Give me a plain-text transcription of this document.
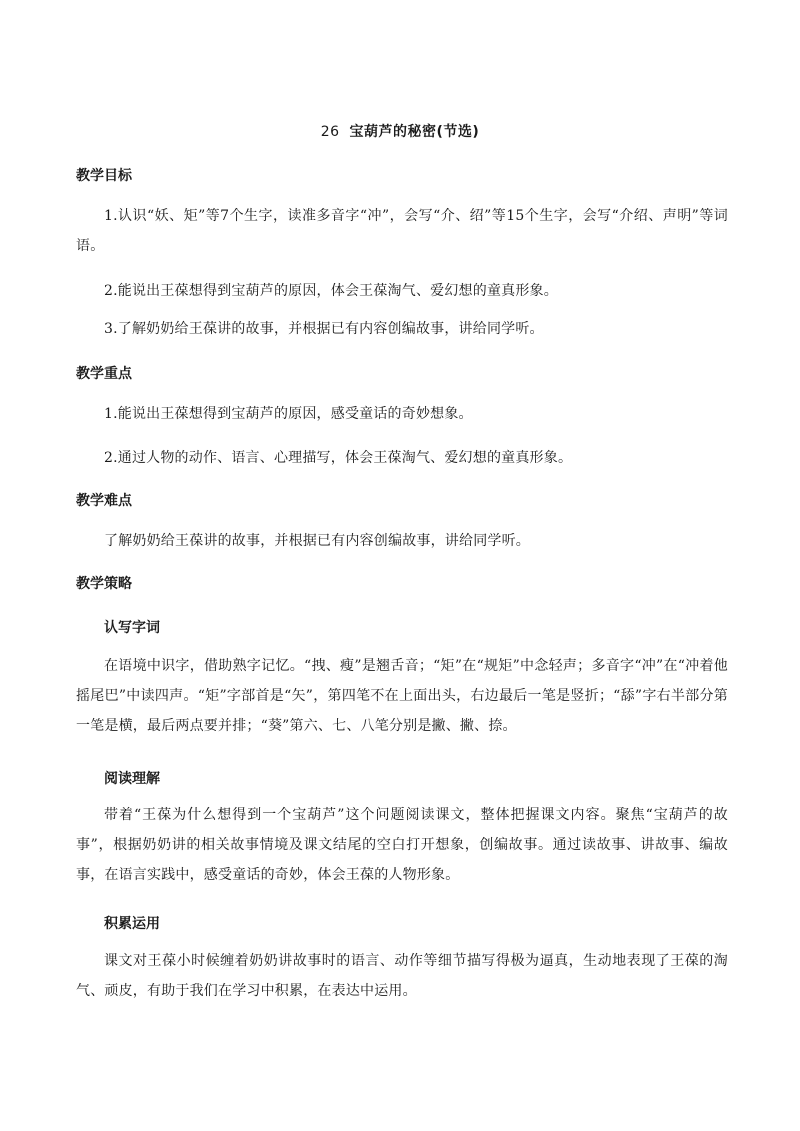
26 宝葫芦的秘密(节选)
教学目标
1.认识“妖、矩”等7个生字，读准多音字“冲”，会写“介、绍”等15个生字，会写“介绍、声明”等词语。
2.能说出王葆想得到宝葫芦的原因，体会王葆淘气、爱幻想的童真形象。
3.了解奶奶给王葆讲的故事，并根据已有内容创编故事，讲给同学听。
教学重点
1.能说出王葆想得到宝葫芦的原因，感受童话的奇妙想象。
2.通过人物的动作、语言、心理描写，体会王葆淘气、爱幻想的童真形象。
教学难点
了解奶奶给王葆讲的故事，并根据已有内容创编故事，讲给同学听。
教学策略
认写字词
在语境中识字，借助熟字记忆。“拽、瘦”是翘舌音；“矩”在“规矩”中念轻声；多音字“冲”在“冲着他摇尾巴”中读四声。“矩”字部首是“矢”，第四笔不在上面出头，右边最后一笔是竖折；“舔”字右半部分第一笔是横，最后两点要并排；“葵”第六、七、八笔分别是撇、撇、捺。
阅读理解
带着“王葆为什么想得到一个宝葫芦”这个问题阅读课文，整体把握课文内容。聚焦“宝葫芦的故事”，根据奶奶讲的相关故事情境及课文结尾的空白打开想象，创编故事。通过读故事、讲故事、编故事，在语言实践中，感受童话的奇妙，体会王葆的人物形象。
积累运用
课文对王葆小时候缠着奶奶讲故事时的语言、动作等细节描写得极为逼真，生动地表现了王葆的淘气、顽皮，有助于我们在学习中积累，在表达中运用。
